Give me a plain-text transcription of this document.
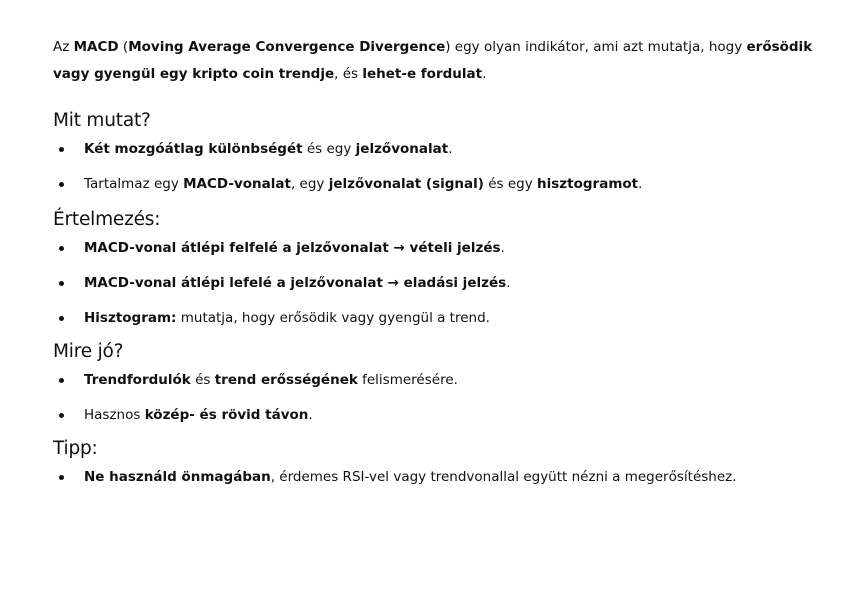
Az MACD (Moving Average Convergence Divergence) egy olyan indikátor, ami azt mutatja, hogy erősödik vagy gyengül egy kripto coin trendje, és lehet-e fordulat.

Mit mutat?
Két mozgóátlag különbségét és egy jelzővonalat.
Tartalmaz egy MACD-vonalat, egy jelzővonalat (signal) és egy hisztogramot.
Értelmezés:
MACD-vonal átlépi felfelé a jelzővonalat → vételi jelzés.
MACD-vonal átlépi lefelé a jelzővonalat → eladási jelzés.
Hisztogram: mutatja, hogy erősödik vagy gyengül a trend.
Mire jó?
Trendfordulók és trend erősségének felismerésére.
Hasznos közép- és rövid távon.
Tipp:
Ne használd önmagában, érdemes RSI-vel vagy trendvonallal együtt nézni a megerősítéshez.
